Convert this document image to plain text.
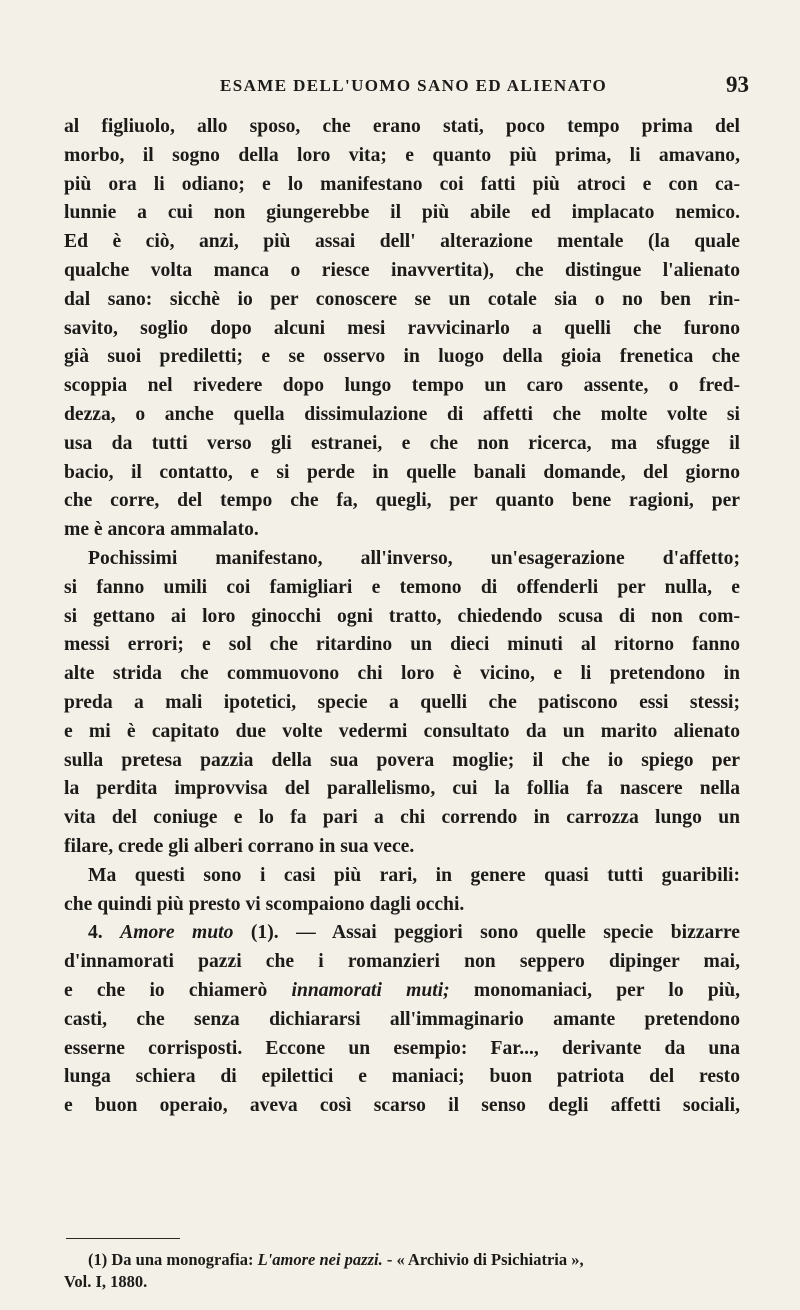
ESAME DELL'UOMO SANO ED ALIENATO	93
al figliuolo, allo sposo, che erano stati, poco tempo prima del
morbo, il sogno della loro vita; e quanto più prima, li amavano,
più ora li odiano; e lo manifestano coi fatti più atroci e con ca-
lunnie a cui non giungerebbe il più abile ed implacato nemico.
Ed è ciò, anzi, più assai dell' alterazione mentale (la quale
qualche volta manca o riesce inavvertita), che distingue l'alienato
dal sano: sicchè io per conoscere se un cotale sia o no ben rin-
savito, soglio dopo alcuni mesi ravvicinarlo a quelli che furono
già suoi prediletti; e se osservo in luogo della gioia frenetica che
scoppia nel rivedere dopo lungo tempo un caro assente, o fred-
dezza, o anche quella dissimulazione di affetti che molte volte si
usa da tutti verso gli estranei, e che non ricerca, ma sfugge il
bacio, il contatto, e si perde in quelle banali domande, del giorno
che corre, del tempo che fa, quegli, per quanto bene ragioni, per
me è ancora ammalato.
Pochissimi manifestano, all'inverso, un'esagerazione d'affetto;
si fanno umili coi famigliari e temono di offenderli per nulla, e
si gettano ai loro ginocchi ogni tratto, chiedendo scusa di non com-
messi errori; e sol che ritardino un dieci minuti al ritorno fanno
alte strida che commuovono chi loro è vicino, e li pretendono in
preda a mali ipotetici, specie a quelli che patiscono essi stessi;
e mi è capitato due volte vedermi consultato da un marito alienato
sulla pretesa pazzia della sua povera moglie; il che io spiego per
la perdita improvvisa del parallelismo, cui la follia fa nascere nella
vita del coniuge e lo fa pari a chi correndo in carrozza lungo un
filare, crede gli alberi corrano in sua vece.
Ma questi sono i casi più rari, in genere quasi tutti guaribili:
che quindi più presto vi scompaiono dagli occhi.
4. Amore muto (1). — Assai peggiori sono quelle specie bizzarre
d'innamorati pazzi che i romanzieri non seppero dipinger mai,
e che io chiamerò innamorati muti; monomaniaci, per lo più,
casti, che senza dichiararsi all'immaginario amante pretendono
esserne corrisposti. Eccone un esempio: Far..., derivante da una
lunga schiera di epilettici e maniaci; buon patriota del resto
e buon operaio, aveva così scarso il senso degli affetti sociali,
(1) Da una monografia: L'amore nei pazzi. - « Archivio di Psichiatria »,
Vol. I, 1880.
